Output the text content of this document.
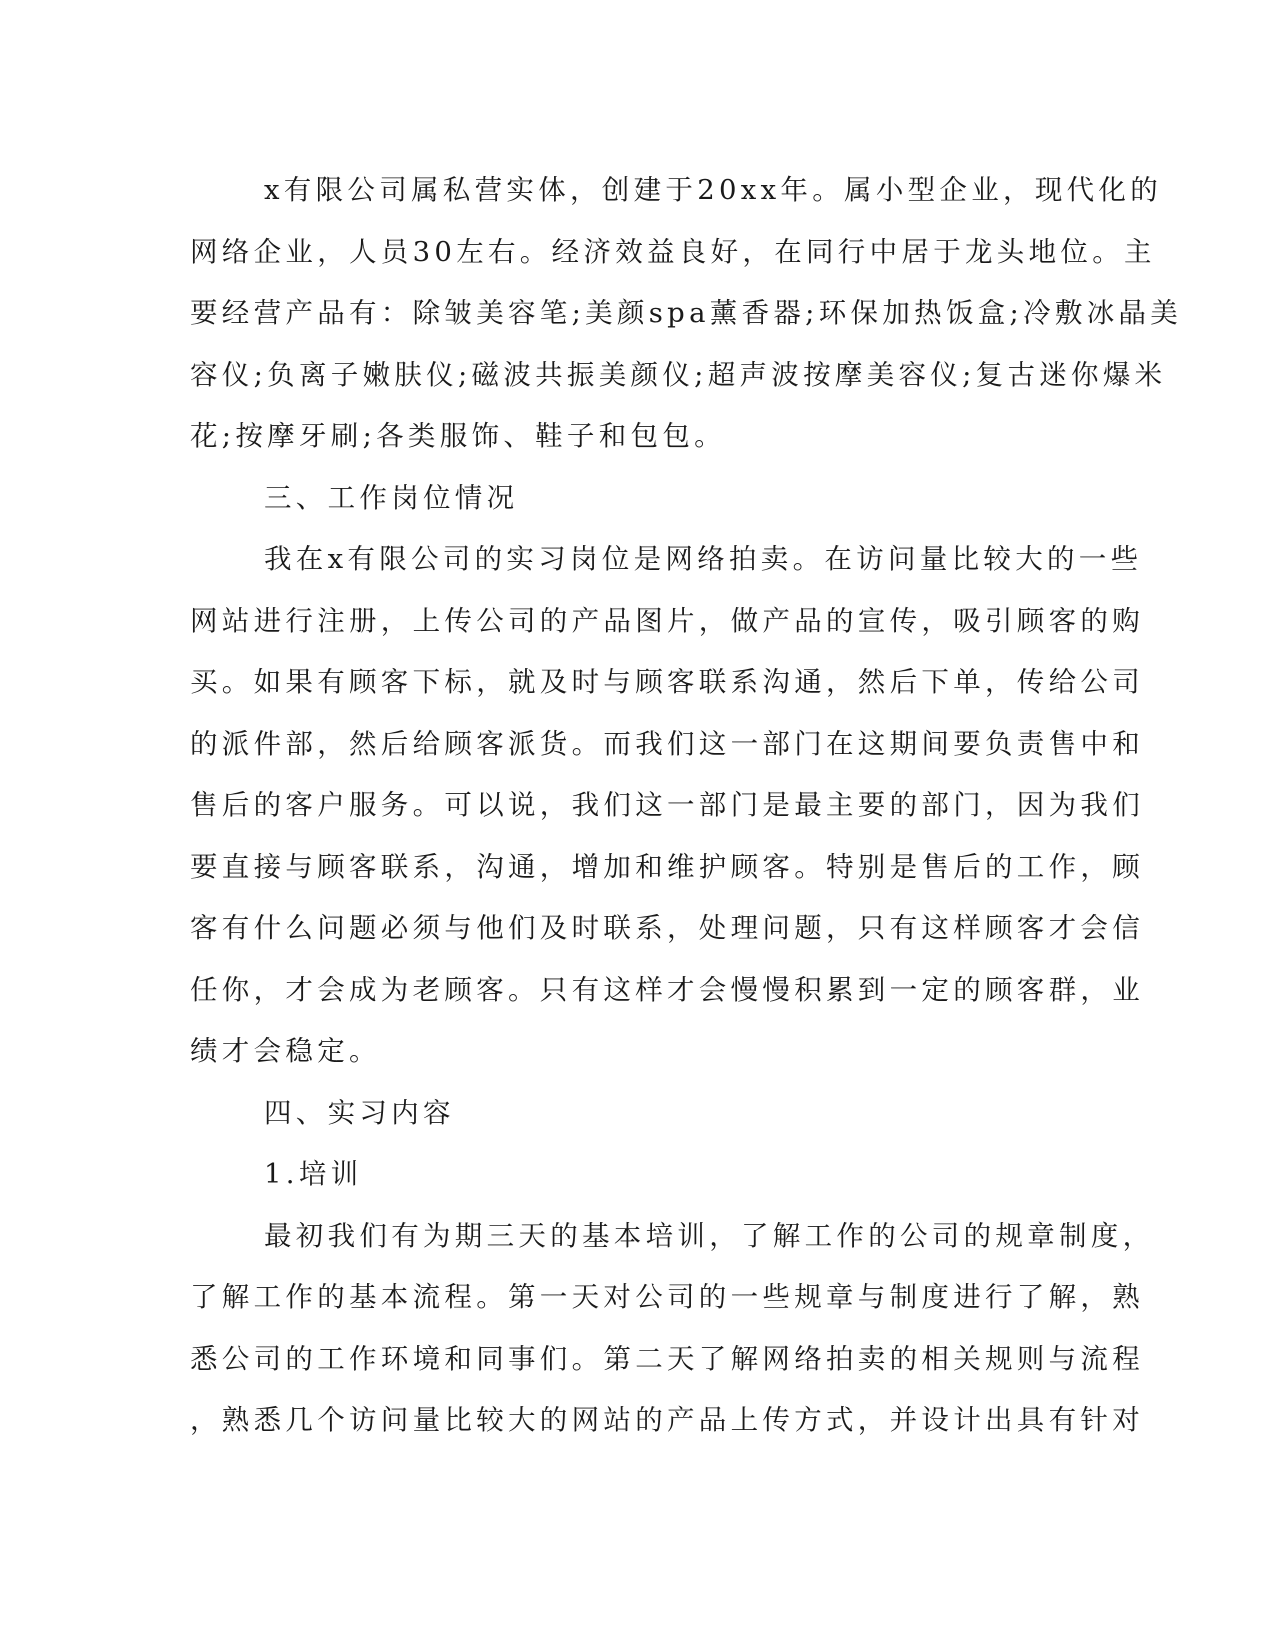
x有限公司属私营实体，创建于20xx年。属小型企业，现代化的
网络企业，人员30左右。经济效益良好，在同行中居于龙头地位。主
要经营产品有：除皱美容笔;美颜spa薰香器;环保加热饭盒;冷敷冰晶美
容仪;负离子嫩肤仪;磁波共振美颜仪;超声波按摩美容仪;复古迷你爆米
花;按摩牙刷;各类服饰、鞋子和包包。
三、工作岗位情况
我在x有限公司的实习岗位是网络拍卖。在访问量比较大的一些
网站进行注册，上传公司的产品图片，做产品的宣传，吸引顾客的购
买。如果有顾客下标，就及时与顾客联系沟通，然后下单，传给公司
的派件部，然后给顾客派货。而我们这一部门在这期间要负责售中和
售后的客户服务。可以说，我们这一部门是最主要的部门，因为我们
要直接与顾客联系，沟通，增加和维护顾客。特别是售后的工作，顾
客有什么问题必须与他们及时联系，处理问题，只有这样顾客才会信
任你，才会成为老顾客。只有这样才会慢慢积累到一定的顾客群，业
绩才会稳定。
四、实习内容
1.培训
最初我们有为期三天的基本培训，了解工作的公司的规章制度，
了解工作的基本流程。第一天对公司的一些规章与制度进行了解，熟
悉公司的工作环境和同事们。第二天了解网络拍卖的相关规则与流程
，熟悉几个访问量比较大的网站的产品上传方式，并设计出具有针对
